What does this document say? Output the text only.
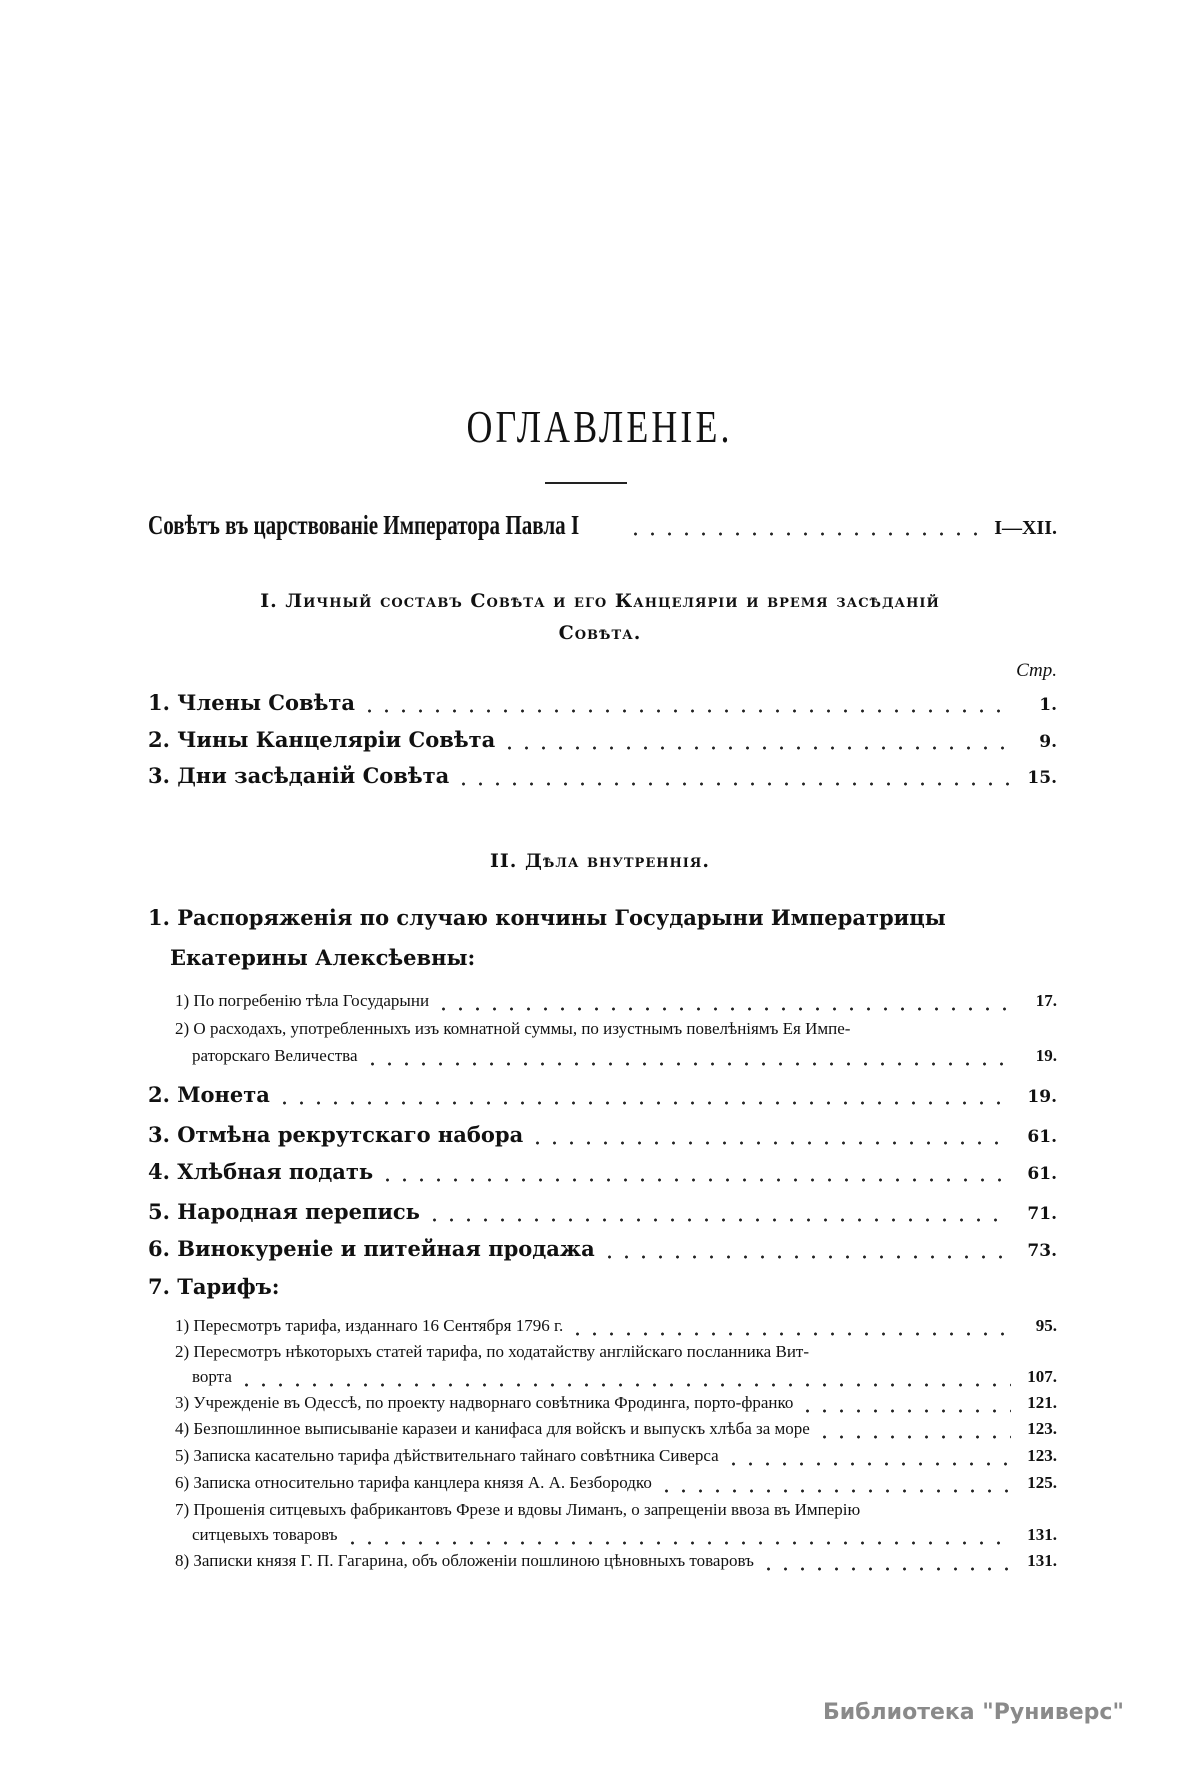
ОГЛАВЛЕНІЕ.
Совѣтъ въ царствованіе Императора Павла I	I—XII.
I. Личный составъ Совѣта и его Канцеляріи и время засѣданій
Совѣта.
Стр.
1. Члены Совѣта	1.
2. Чины Канцеляріи Совѣта	9.
3. Дни засѣданій Совѣта	15.
II. Дѣла внутреннія.
1. Распоряженія по случаю кончины Государыни Императрицы
Екатерины Алексѣевны:
1) По погребенію тѣла Государыни	17.
2) О расходахъ, употребленныхъ изъ комнатной суммы, по изустнымъ повелѣніямъ Ея Импе-
раторскаго Величества	19.
2. Монета	19.
3. Отмѣна рекрутскаго набора	61.
4. Хлѣбная подать	61.
5. Народная перепись	71.
6. Винокуреніе и питейная продажа	73.
7. Тарифъ:
1) Пересмотръ тарифа, изданнаго 16 Сентября 1796 г.	95.
2) Пересмотръ нѣкоторыхъ статей тарифа, по ходатайству англійскаго посланника Вит-
ворта	107.
3) Учрежденіе въ Одессѣ, по проекту надворнаго совѣтника Фродинга, порто-франко	121.
4) Безпошлинное выписываніе каразеи и канифаса для войскъ и выпускъ хлѣба за море	123.
5) Записка касательно тарифа дѣйствительнаго тайнаго совѣтника Сиверса	123.
6) Записка относительно тарифа канцлера князя А. А. Безбородко	125.
7) Прошенія ситцевыхъ фабрикантовъ Фрезе и вдовы Лиманъ, о запрещеніи ввоза въ Имперію
ситцевыхъ товаровъ	131.
8) Записки князя Г. П. Гагарина, объ обложеніи пошлиною цѣновныхъ товаровъ	131.
Библиотека "Руниверс"
